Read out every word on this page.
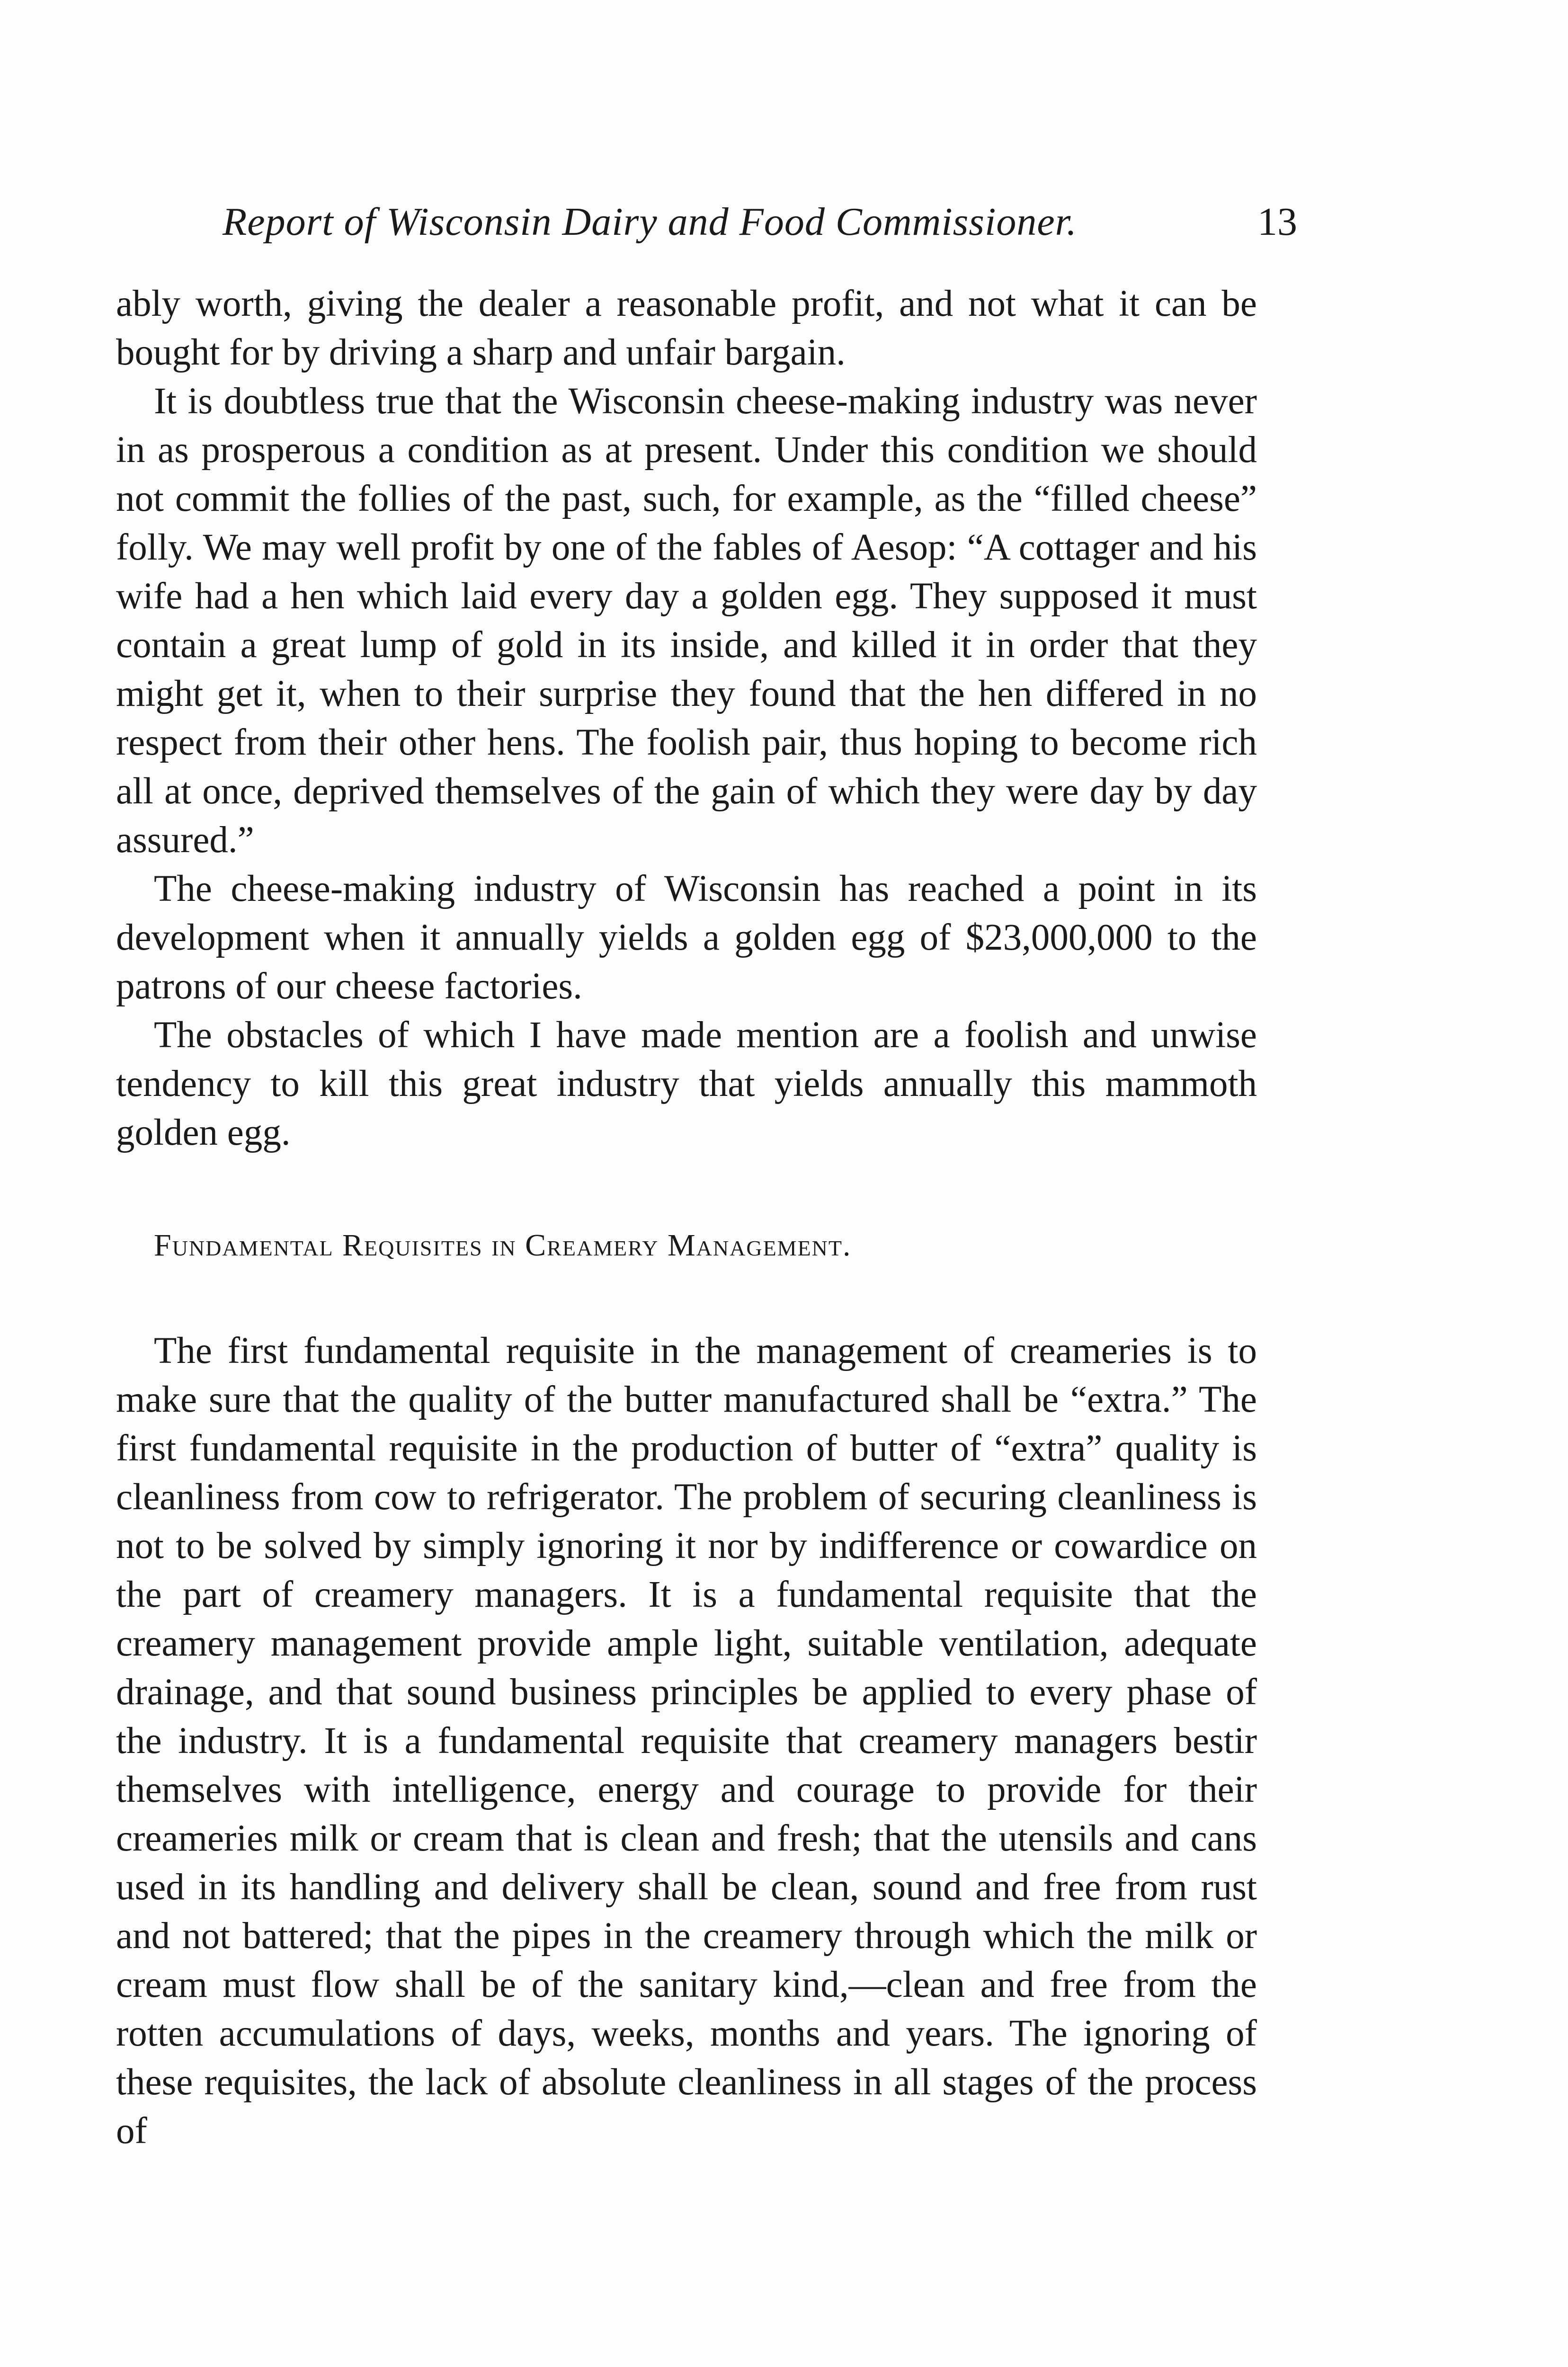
Report of Wisconsin Dairy and Food Commissioner.	13

ably worth, giving the dealer a reasonable profit, and not what it can be bought for by driving a sharp and unfair bargain.

It is doubtless true that the Wisconsin cheese-making industry was never in as prosperous a condition as at present. Under this condition we should not commit the follies of the past, such, for example, as the “filled cheese” folly. We may well profit by one of the fables of Aesop: “A cottager and his wife had a hen which laid every day a golden egg. They supposed it must contain a great lump of gold in its inside, and killed it in order that they might get it, when to their surprise they found that the hen differed in no respect from their other hens. The foolish pair, thus hoping to become rich all at once, deprived themselves of the gain of which they were day by day assured.”

The cheese-making industry of Wisconsin has reached a point in its development when it annually yields a golden egg of $23,000,000 to the patrons of our cheese factories.

The obstacles of which I have made mention are a foolish and unwise tendency to kill this great industry that yields annually this mammoth golden egg.

Fundamental Requisites in Creamery Management.

The first fundamental requisite in the management of creameries is to make sure that the quality of the butter manufactured shall be “extra.” The first fundamental requisite in the production of butter of “extra” quality is cleanliness from cow to refrigerator. The problem of securing cleanliness is not to be solved by simply ignoring it nor by indifference or cowardice on the part of creamery managers. It is a fundamental requisite that the creamery management provide ample light, suitable ventilation, adequate drainage, and that sound business principles be applied to every phase of the industry. It is a fundamental requisite that creamery managers bestir themselves with intelligence, energy and courage to provide for their creameries milk or cream that is clean and fresh; that the utensils and cans used in its handling and delivery shall be clean, sound and free from rust and not battered; that the pipes in the creamery through which the milk or cream must flow shall be of the sanitary kind,—clean and free from the rotten accumulations of days, weeks, months and years. The ignoring of these requisites, the lack of absolute cleanliness in all stages of the process of
